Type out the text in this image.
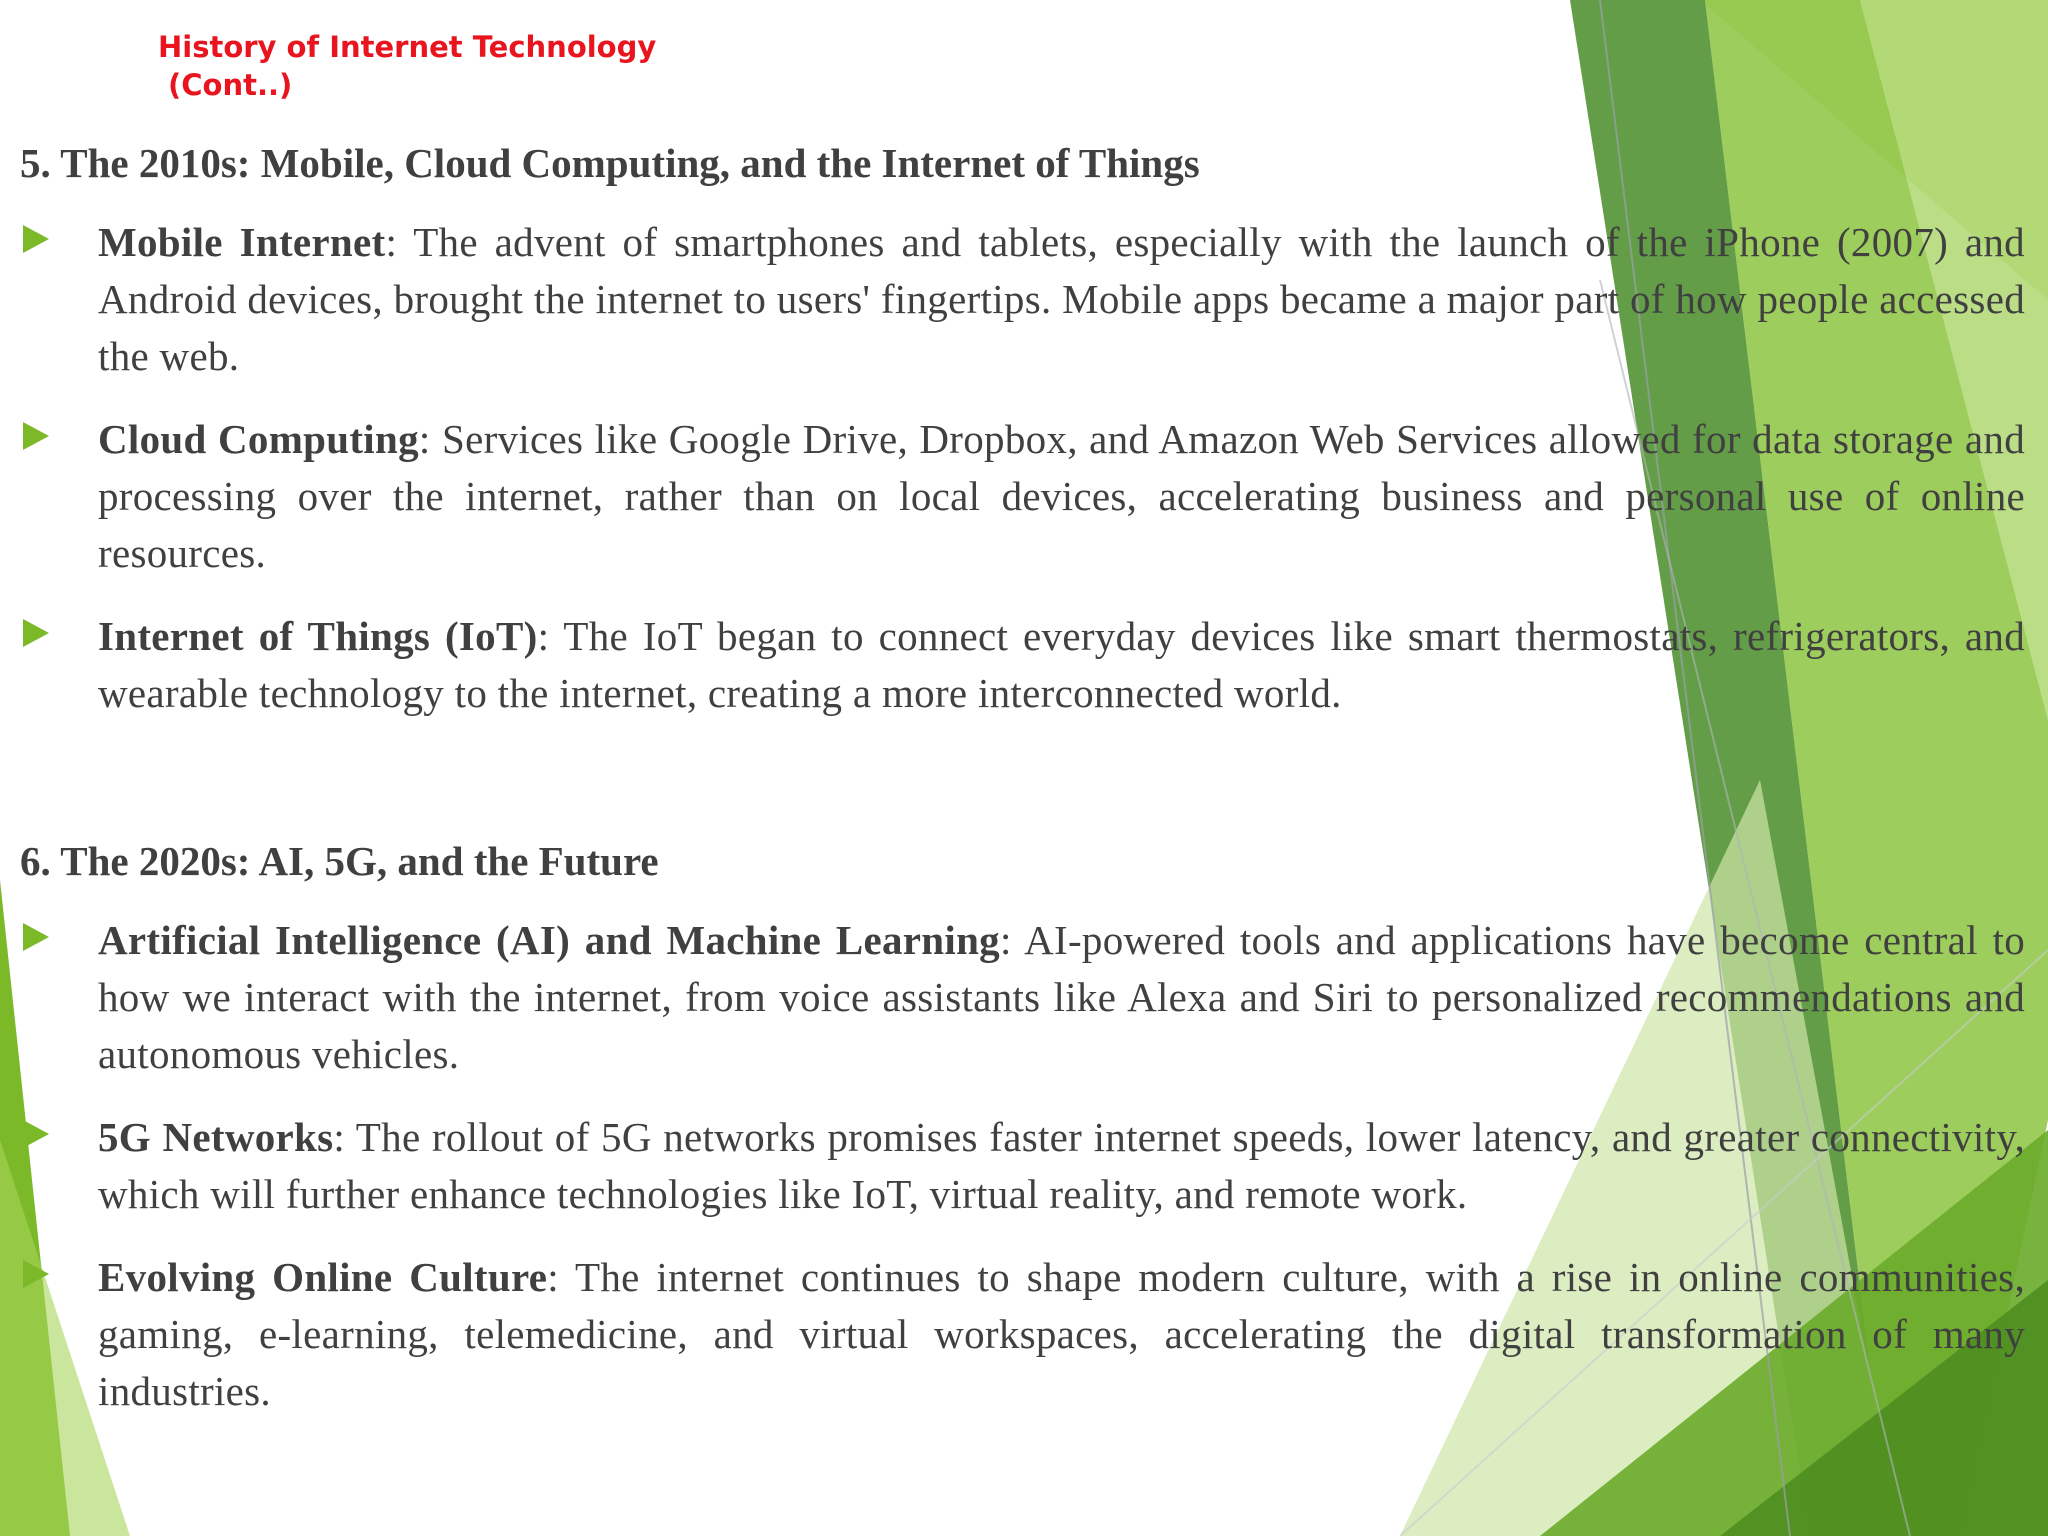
History of Internet Technology
(Cont..)
5. The 2010s: Mobile, Cloud Computing, and the Internet of Things
Mobile Internet: The advent of smartphones and tablets, especially with the launch of the iPhone (2007) and Android devices, brought the internet to users' fingertips. Mobile apps became a major part of how people accessed the web.
Cloud Computing: Services like Google Drive, Dropbox, and Amazon Web Services allowed for data storage and processing over the internet, rather than on local devices, accelerating business and personal use of online resources.
Internet of Things (IoT): The IoT began to connect everyday devices like smart thermostats, refrigerators, and wearable technology to the internet, creating a more interconnected world.
6. The 2020s: AI, 5G, and the Future
Artificial Intelligence (AI) and Machine Learning: AI-powered tools and applications have become central to how we interact with the internet, from voice assistants like Alexa and Siri to personalized recommendations and autonomous vehicles.
5G Networks: The rollout of 5G networks promises faster internet speeds, lower latency, and greater connectivity, which will further enhance technologies like IoT, virtual reality, and remote work.
Evolving Online Culture: The internet continues to shape modern culture, with a rise in online communities, gaming, e-learning, telemedicine, and virtual workspaces, accelerating the digital transformation of many industries.
